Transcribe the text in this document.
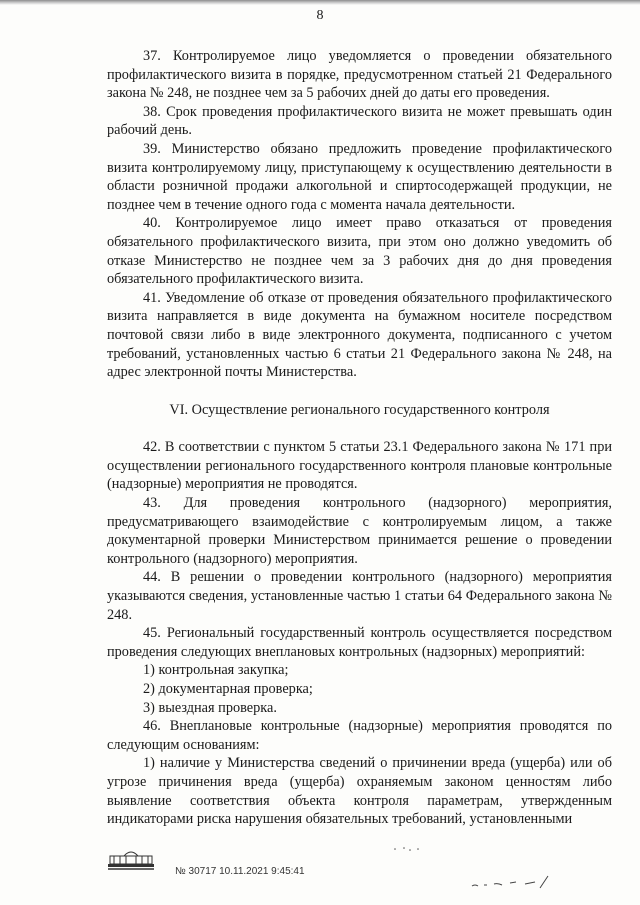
8

37. Контролируемое лицо уведомляется о проведении обязательного профилактического визита в порядке, предусмотренном статьей 21 Федерального закона № 248, не позднее чем за 5 рабочих дней до даты его проведения.

38. Срок проведения профилактического визита не может превышать один рабочий день.

39. Министерство обязано предложить проведение профилактического визита контролируемому лицу, приступающему к осуществлению деятельности в области розничной продажи алкогольной и спиртосодержащей продукции, не позднее чем в течение одного года с момента начала деятельности.

40. Контролируемое лицо имеет право отказаться от проведения обязательного профилактического визита, при этом оно должно уведомить об отказе Министерство не позднее чем за 3 рабочих дня до дня проведения обязательного профилактического визита.

41. Уведомление об отказе от проведения обязательного профилактического визита направляется в виде документа на бумажном носителе посредством почтовой связи либо в виде электронного документа, подписанного с учетом требований, установленных частью 6 статьи 21 Федерального закона № 248, на адрес электронной почты Министерства.

VI. Осуществление регионального государственного контроля

42. В соответствии с пунктом 5 статьи 23.1 Федерального закона № 171 при осуществлении регионального государственного контроля плановые контрольные (надзорные) мероприятия не проводятся.

43. Для проведения контрольного (надзорного) мероприятия, предусматривающего взаимодействие с контролируемым лицом, а также документарной проверки Министерством принимается решение о проведении контрольного (надзорного) мероприятия.

44. В решении о проведении контрольного (надзорного) мероприятия указываются сведения, установленные частью 1 статьи 64 Федерального закона № 248.

45. Региональный государственный контроль осуществляется посредством проведения следующих внеплановых контрольных (надзорных) мероприятий:

1) контрольная закупка;

2) документарная проверка;

3) выездная проверка.

46. Внеплановые контрольные (надзорные) мероприятия проводятся по следующим основаниям:

1) наличие у Министерства сведений о причинении вреда (ущерба) или об угрозе причинения вреда (ущерба) охраняемым законом ценностям либо выявление соответствия объекта контроля параметрам, утвержденным индикаторами риска нарушения обязательных требований, установленными

№ 30717 10.11.2021 9:45:41
